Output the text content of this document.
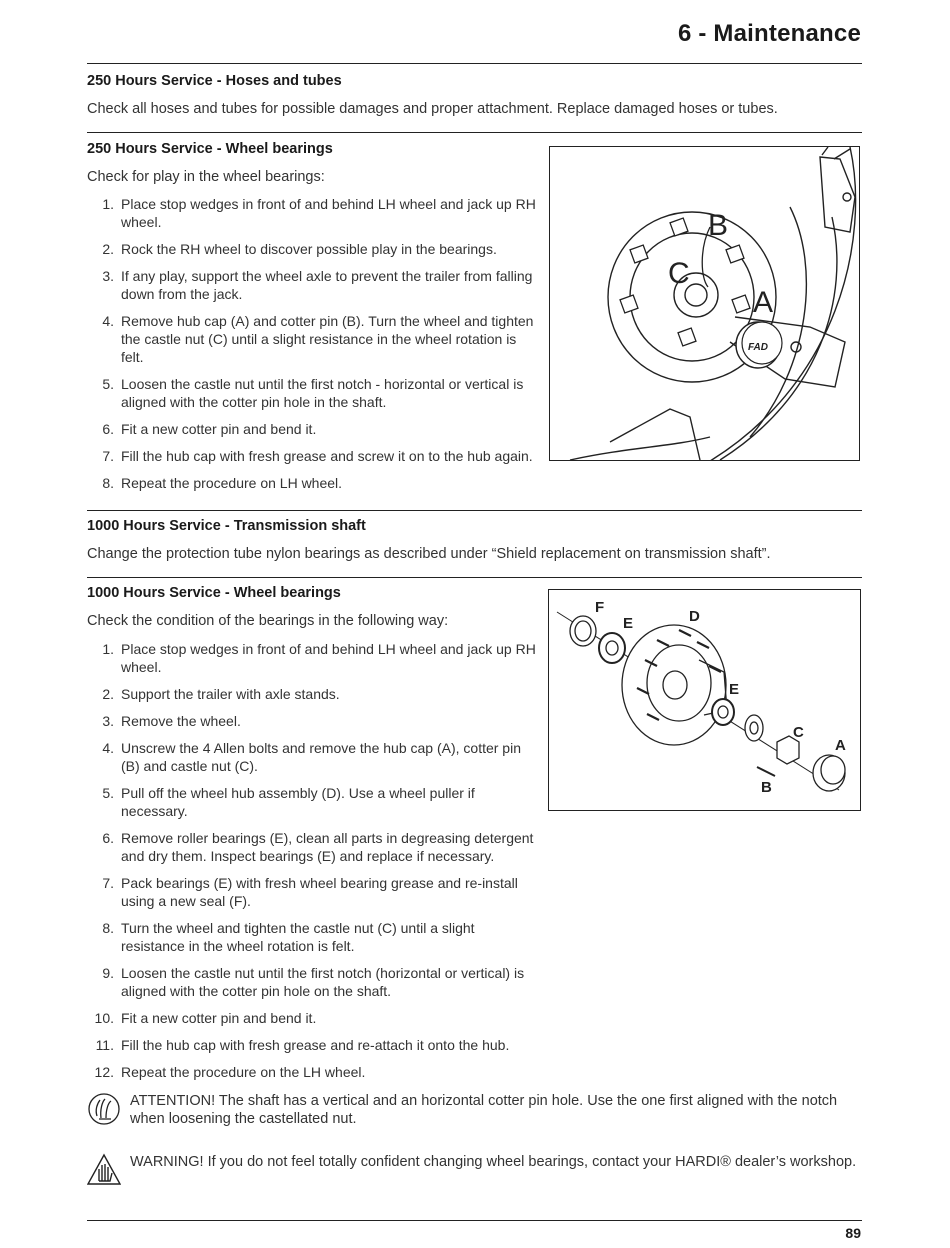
6 - Maintenance
250 Hours Service - Hoses and tubes
Check all hoses and tubes for possible damages and proper attachment. Replace damaged hoses or tubes.
250 Hours Service - Wheel bearings
Check for play in the wheel bearings:
1. Place stop wedges in front of and behind LH wheel and jack up RH wheel.
2. Rock the RH wheel to discover possible play in the bearings.
3. If any play, support the wheel axle to prevent the trailer from falling down from the jack.
4. Remove hub cap (A) and cotter pin (B). Turn the wheel and tighten the castle nut (C) until a slight resistance in the wheel rotation is felt.
5. Loosen the castle nut until the first notch - horizontal or vertical is aligned with the cotter pin hole in the shaft.
6. Fit a new cotter pin and bend it.
7. Fill the hub cap with fresh grease and screw it on to the hub again.
8. Repeat the procedure on LH wheel.
FAD
B
C
A
1000 Hours Service - Transmission shaft
Change the protection tube nylon bearings as described under “Shield replacement on transmission shaft”.
1000 Hours Service - Wheel bearings
Check the condition of the bearings in the following way:
1. Place stop wedges in front of and behind LH wheel and jack up RH wheel.
2. Support the trailer with axle stands.
3. Remove the wheel.
4. Unscrew the 4 Allen bolts and remove the hub cap (A), cotter pin (B) and castle nut (C).
5. Pull off the wheel hub assembly (D). Use a wheel puller if necessary.
6. Remove roller bearings (E), clean all parts in degreasing detergent and dry them. Inspect bearings (E) and replace if necessary.
7. Pack bearings (E) with fresh wheel bearing grease and re-install using a new seal (F).
8. Turn the wheel and tighten the castle nut (C) until a slight resistance in the wheel rotation is felt.
9. Loosen the castle nut until the first notch (horizontal or vertical) is aligned with the cotter pin hole on the shaft.
10. Fit a new cotter pin and bend it.
11. Fill the hub cap with fresh grease and re-attach it onto the hub.
12. Repeat the procedure on the LH wheel.
F
E	D
E
C
A
B
ATTENTION! The shaft has a vertical and an horizontal cotter pin hole. Use the one first aligned with the notch when loosening the castellated nut.
WARNING! If you do not feel totally confident changing wheel bearings, contact your HARDI® dealer’s workshop.
89
